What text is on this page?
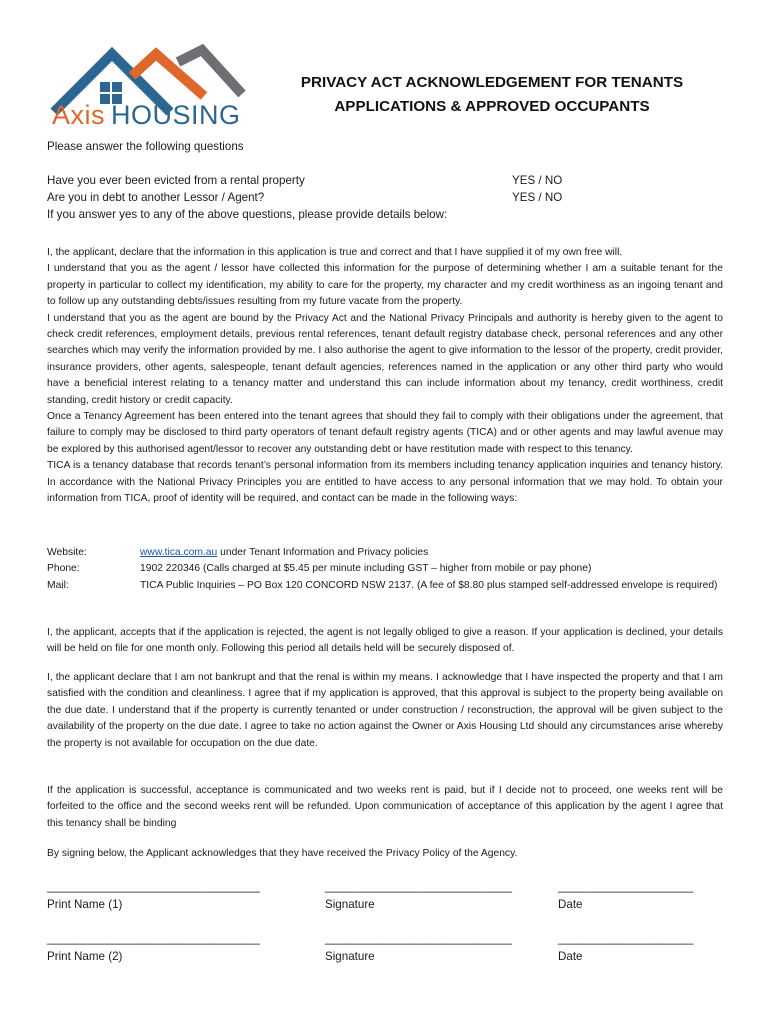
Axis HOUSING
PRIVACY ACT ACKNOWLEDGEMENT FOR TENANTS
APPLICATIONS & APPROVED OCCUPANTS
Please answer the following questions
Have you ever been evicted from a rental property	YES / NO
Are you in debt to another Lessor / Agent?	YES / NO
If you answer yes to any of the above questions, please provide details below:

I, the applicant, declare that the information in this application is true and correct and that I have supplied it of my own free will.

I understand that you as the agent / lessor have collected this information for the purpose of determining whether I am a suitable tenant for the property in particular to collect my identification, my ability to care for the property, my character and my credit worthiness as an ingoing tenant and to follow up any outstanding debts/issues resulting from my future vacate from the property.

I understand that you as the agent are bound by the Privacy Act and the National Privacy Principals and authority is hereby given to the agent to check credit references, employment details, previous rental references, tenant default registry database check, personal references and any other searches which may verify the information provided by me. I also authorise the agent to give information to the lessor of the property, credit provider, insurance providers, other agents, salespeople, tenant default agencies, references named in the application or any other third party who would have a beneficial interest relating to a tenancy matter and understand this can include information about my tenancy, credit worthiness, credit standing, credit history or credit capacity.

Once a Tenancy Agreement has been entered into the tenant agrees that should they fail to comply with their obligations under the agreement, that failure to comply may be disclosed to third party operators of tenant default registry agents (TICA) and or other agents and may lawful avenue may be explored by this authorised agent/lessor to recover any outstanding debt or have restitution made with respect to this tenancy.

TICA is a tenancy database that records tenant’s personal information from its members including tenancy application inquiries and tenancy history. In accordance with the National Privacy Principles you are entitled to have access to any personal information that we may hold. To obtain your information from TICA, proof of identity will be required, and contact can be made in the following ways:

Website:	www.tica.com.au under Tenant Information and Privacy policies
Phone:	1902 220346 (Calls charged at $5.45 per minute including GST – higher from mobile or pay phone)
Mail:	TICA Public Inquiries – PO Box 120 CONCORD NSW 2137. (A fee of $8.80 plus stamped self-addressed envelope is required)
I, the applicant, accepts that if the application is rejected, the agent is not legally obliged to give a reason. If your application is declined, your details will be held on file for one month only. Following this period all details held will be securely disposed of.
I, the applicant declare that I am not bankrupt and that the renal is within my means. I acknowledge that I have inspected the property and that I am satisfied with the condition and cleanliness. I agree that if my application is approved, that this approval is subject to the property being available on the due date. I understand that if the property is currently tenanted or under construction / reconstruction, the approval will be given subject to the availability of the property on the due date. I agree to take no action against the Owner or Axis Housing Ltd should any circumstances arise whereby the property is not available for occupation on the due date.
If the application is successful, acceptance is communicated and two weeks rent is paid, but if I decide not to proceed, one weeks rent will be forfeited to the office and the second weeks rent will be refunded. Upon communication of acceptance of this application by the agent I agree that this tenancy shall be binding
By signing below, the Applicant acknowledges that they have received the Privacy Policy of the Agency.
_________________________________	_____________________________	_____________________
Print Name (1)	Signature	Date
_________________________________	_____________________________	_____________________
Print Name (2)	Signature	Date
